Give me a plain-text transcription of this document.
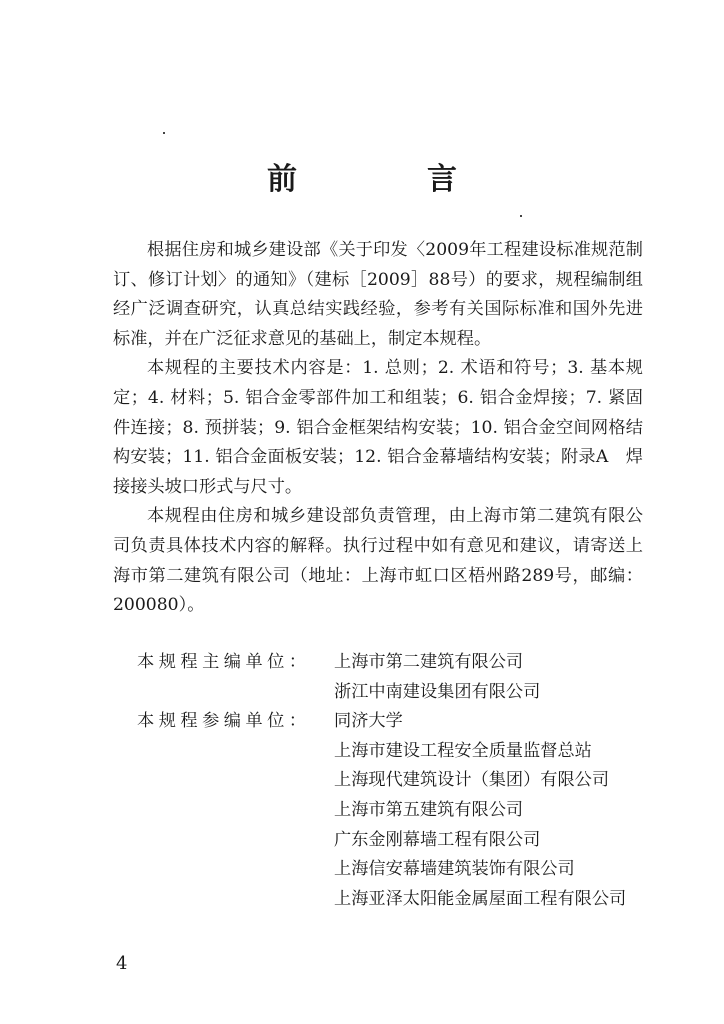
前　言

根据住房和城乡建设部《关于印发〈2009年工程建设标准规范制订、修订计划〉的通知》（建标［2009］88号）的要求，规程编制组经广泛调查研究，认真总结实践经验，参考有关国际标准和国外先进标准，并在广泛征求意见的基础上，制定本规程。

本规程的主要技术内容是：1. 总则；2. 术语和符号；3. 基本规定；4. 材料；5. 铝合金零部件加工和组装；6. 铝合金焊接；7. 紧固件连接；8. 预拼装；9. 铝合金框架结构安装；10. 铝合金空间网格结构安装；11. 铝合金面板安装；12. 铝合金幕墙结构安装；附录A　焊接接头坡口形式与尺寸。

本规程由住房和城乡建设部负责管理，由上海市第二建筑有限公司负责具体技术内容的解释。执行过程中如有意见和建议，请寄送上海市第二建筑有限公司（地址：上海市虹口区梧州路289号，邮编：200080）。

本规程主编单位：	上海市第二建筑有限公司
浙江中南建设集团有限公司
本规程参编单位：	同济大学
上海市建设工程安全质量监督总站
上海现代建筑设计（集团）有限公司
上海市第五建筑有限公司
广东金刚幕墙工程有限公司
上海信安幕墙建筑装饰有限公司
上海亚泽太阳能金属屋面工程有限公司
4
